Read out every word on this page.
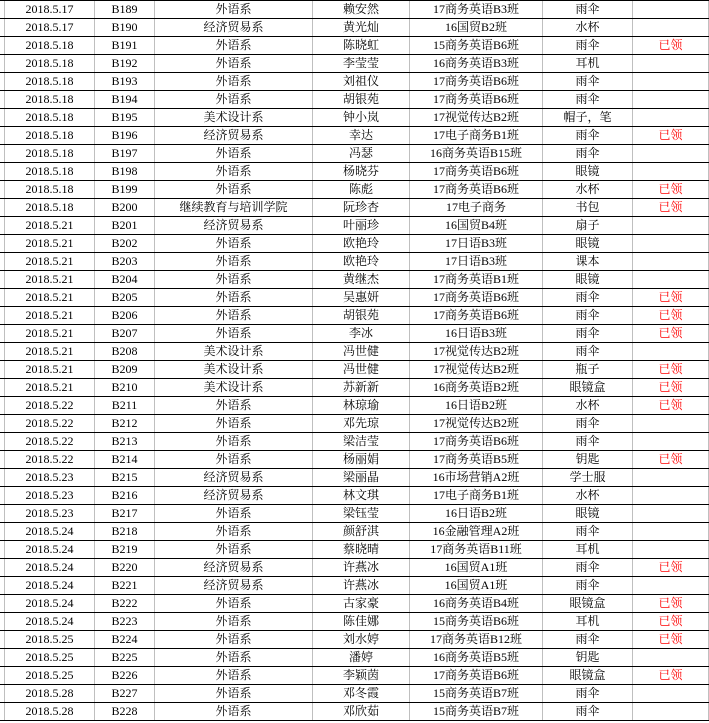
2018.5.17	B189	外语系	赖安然	17商务英语B3班	雨伞
2018.5.17	B190	经济贸易系	黄光灿	16国贸B2班	水杯
2018.5.18	B191	外语系	陈晓虹	15商务英语B6班	雨伞	已领
2018.5.18	B192	外语系	李莹莹	16商务英语B3班	耳机
2018.5.18	B193	外语系	刘祖仪	17商务英语B6班	雨伞
2018.5.18	B194	外语系	胡银苑	17商务英语B6班	雨伞
2018.5.18	B195	美术设计系	钟小岚	17视觉传达B2班	帽子，笔
2018.5.18	B196	经济贸易系	幸达	17电子商务B1班	雨伞	已领
2018.5.18	B197	外语系	冯瑟	16商务英语B15班	雨伞
2018.5.18	B198	外语系	杨晓芬	17商务英语B6班	眼镜
2018.5.18	B199	外语系	陈彪	17商务英语B6班	水杯	已领
2018.5.18	B200	继续教育与培训学院	阮珍杏	17电子商务	书包	已领
2018.5.21	B201	经济贸易系	叶丽珍	16国贸B4班	扇子
2018.5.21	B202	外语系	欧艳玲	17日语B3班	眼镜
2018.5.21	B203	外语系	欧艳玲	17日语B3班	课本
2018.5.21	B204	外语系	黄继杰	17商务英语B1班	眼镜
2018.5.21	B205	外语系	吴惠妍	17商务英语B6班	雨伞	已领
2018.5.21	B206	外语系	胡银苑	17商务英语B6班	雨伞	已领
2018.5.21	B207	外语系	李冰	16日语B3班	雨伞	已领
2018.5.21	B208	美术设计系	冯世健	17视觉传达B2班	雨伞
2018.5.21	B209	美术设计系	冯世健	17视觉传达B2班	瓶子	已领
2018.5.21	B210	美术设计系	苏新新	16商务英语B2班	眼镜盒	已领
2018.5.22	B211	外语系	林琼瑜	16日语B2班	水杯	已领
2018.5.22	B212	外语系	邓先琼	17视觉传达B2班	雨伞
2018.5.22	B213	外语系	梁洁莹	17商务英语B6班	雨伞
2018.5.22	B214	外语系	杨丽娟	17商务英语B5班	钥匙	已领
2018.5.23	B215	经济贸易系	梁丽晶	16市场营销A2班	学士服
2018.5.23	B216	经济贸易系	林文琪	17电子商务B1班	水杯
2018.5.23	B217	外语系	梁钰莹	16日语B2班	眼镜
2018.5.24	B218	外语系	颜舒淇	16金融管理A2班	雨伞
2018.5.24	B219	外语系	蔡晓晴	17商务英语B11班	耳机
2018.5.24	B220	经济贸易系	许燕冰	16国贸A1班	雨伞	已领
2018.5.24	B221	经济贸易系	许燕冰	16国贸A1班	雨伞
2018.5.24	B222	外语系	古家豪	16商务英语B4班	眼镜盒	已领
2018.5.24	B223	外语系	陈佳娜	15商务英语B6班	耳机	已领
2018.5.25	B224	外语系	刘水婷	17商务英语B12班	雨伞	已领
2018.5.25	B225	外语系	潘婷	16商务英语B5班	钥匙
2018.5.25	B226	外语系	李颖茵	17商务英语B6班	眼镜盒	已领
2018.5.28	B227	外语系	邓冬霞	15商务英语B7班	雨伞
2018.5.28	B228	外语系	邓欣茹	15商务英语B7班	雨伞
